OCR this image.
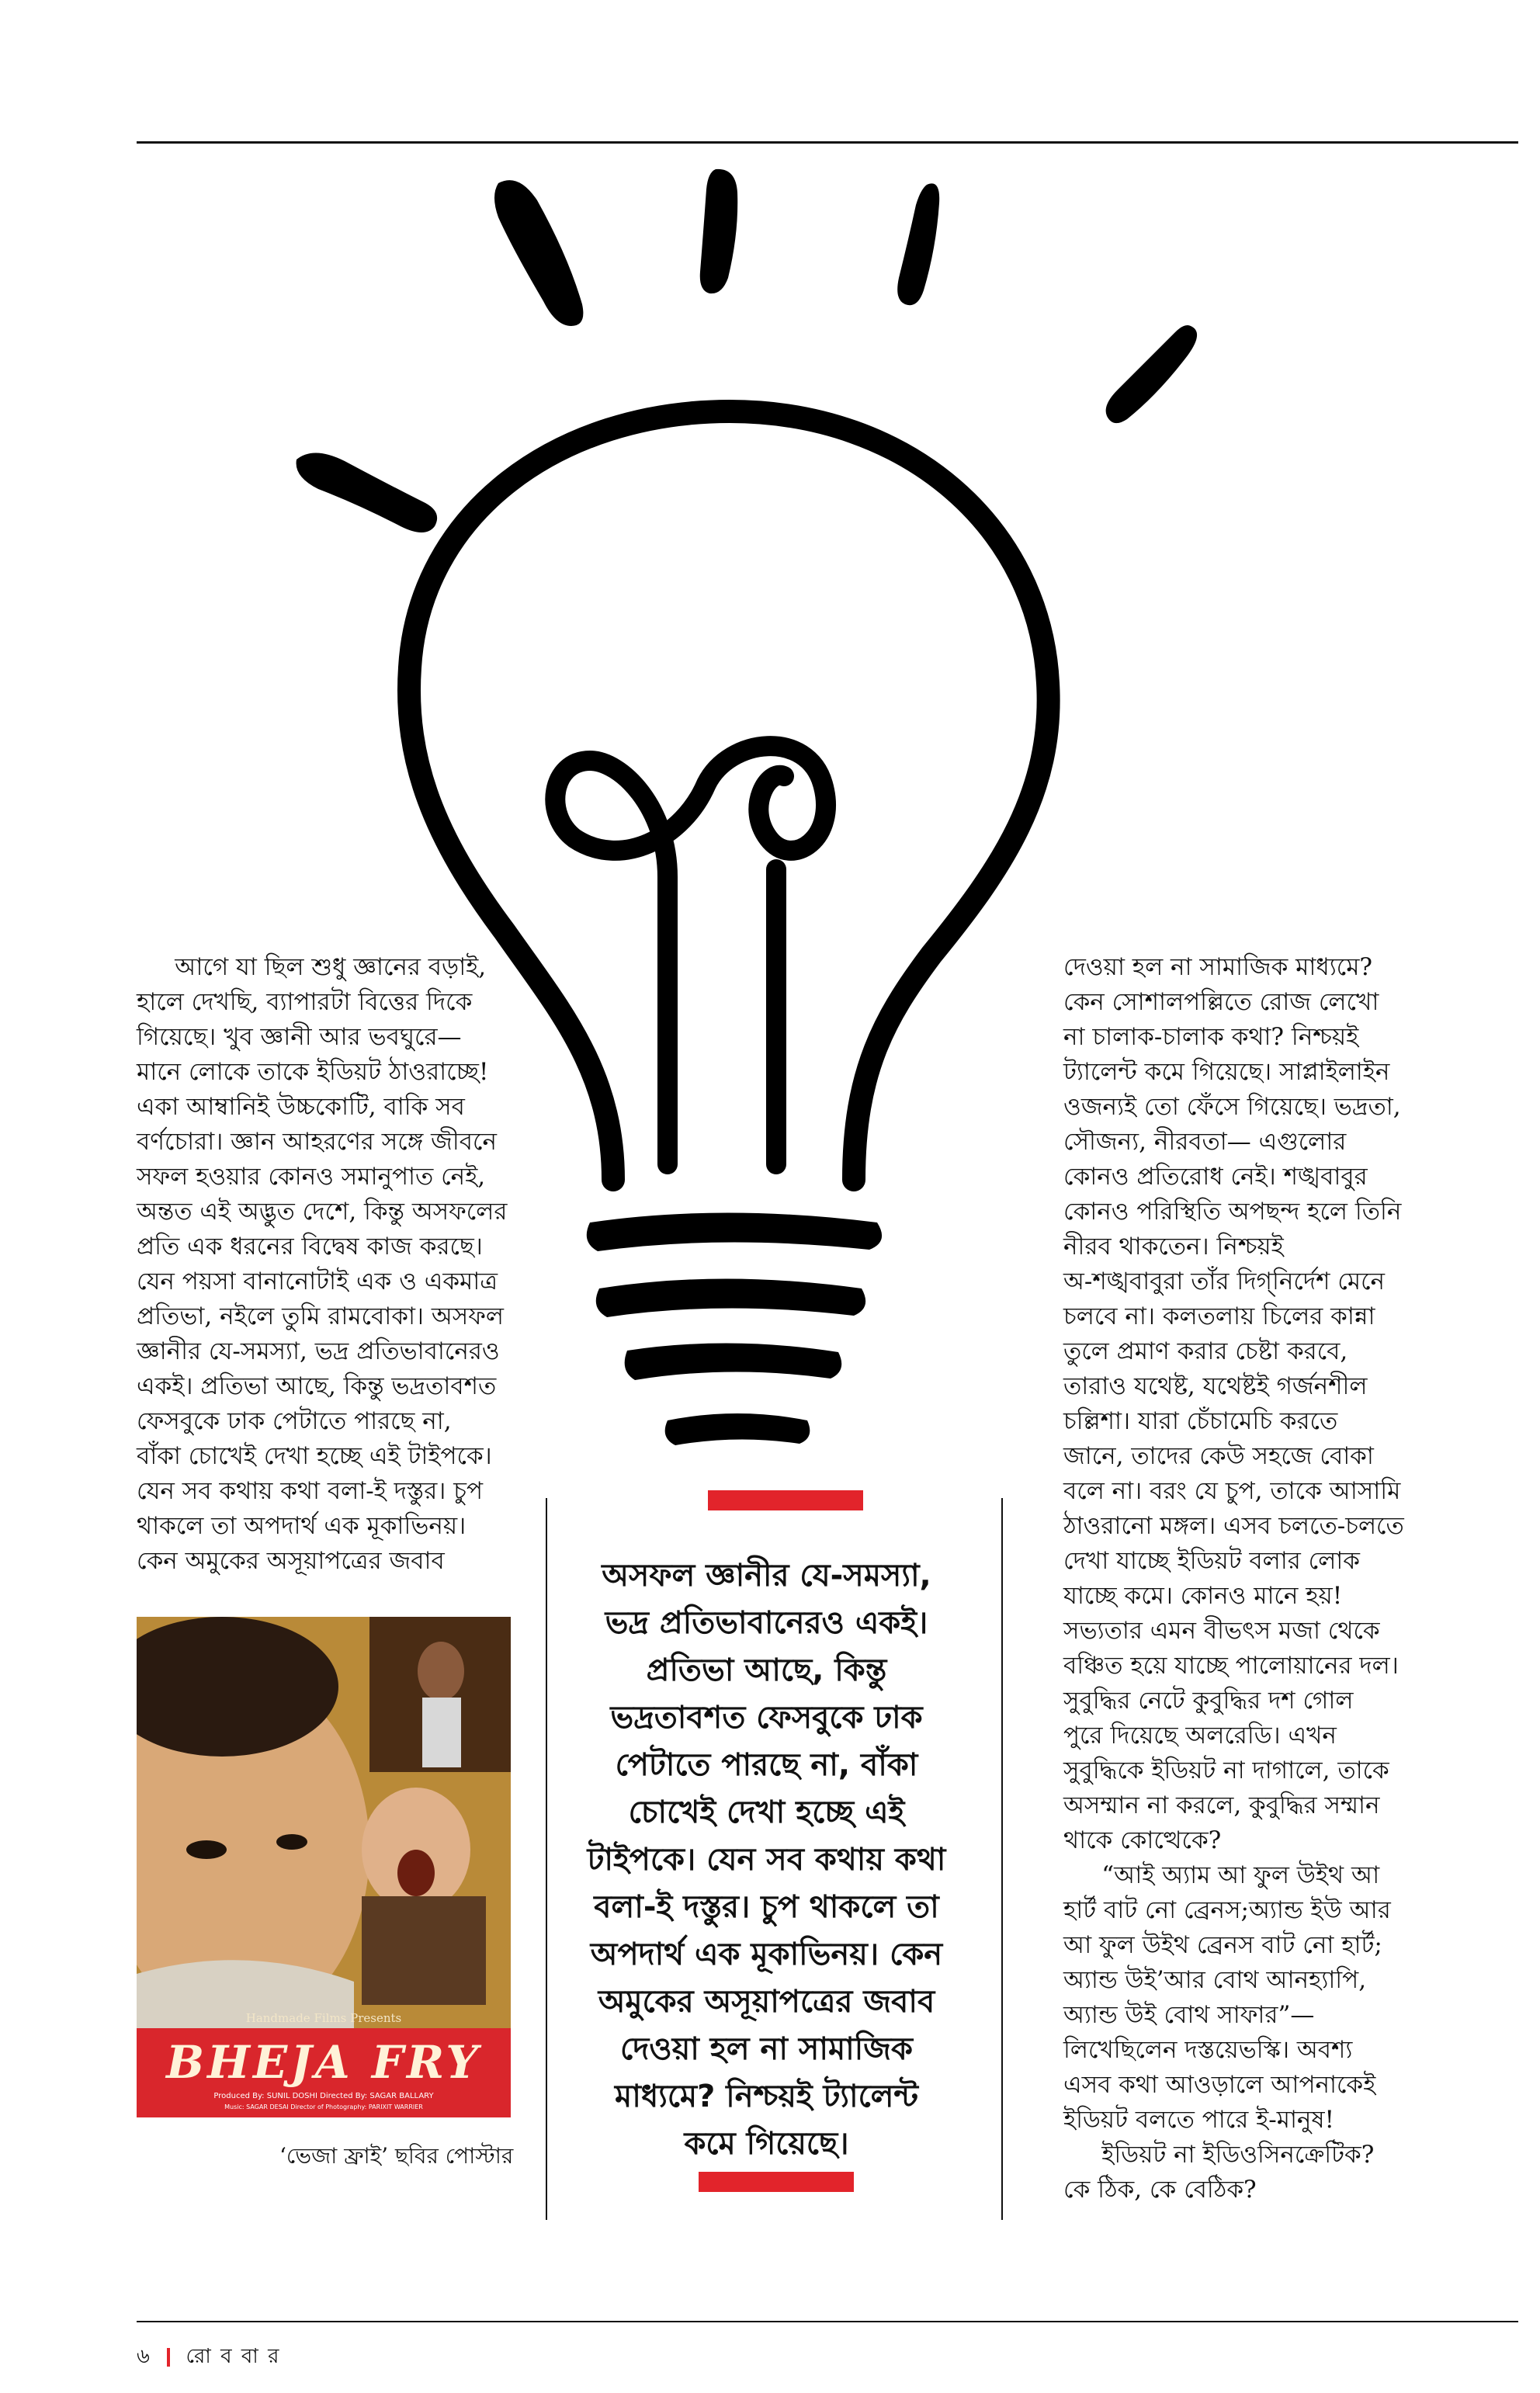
আগে যা ছিল শুধু জ্ঞানের বড়াই,

হালে দেখছি, ব্যাপারটা বিত্তের দিকে

গিয়েছে। খুব জ্ঞানী আর ভবঘুরে—

মানে লোকে তাকে ইডিয়ট ঠাওরাচ্ছে!

একা আম্বানিই উচ্চকোটি, বাকি সব

বর্ণচোরা। জ্ঞান আহরণের সঙ্গে জীবনে

সফল হওয়ার কোনও সমানুপাত নেই,

অন্তত এই অদ্ভুত দেশে, কিন্তু অসফলের

প্রতি এক ধরনের বিদ্বেষ কাজ করছে।

যেন পয়সা বানানোটাই এক ও একমাত্র

প্রতিভা, নইলে তুমি রামবোকা। অসফল

জ্ঞানীর যে-সমস্যা, ভদ্র প্রতিভাবানেরও

একই। প্রতিভা আছে, কিন্তু ভদ্রতাবশত

ফেসবুকে ঢাক পেটাতে পারছে না,

বাঁকা চোখেই দেখা হচ্ছে এই টাইপকে।

যেন সব কথায় কথা বলা-ই দস্তুর। চুপ

থাকলে তা অপদার্থ এক মূকাভিনয়।

কেন অমুকের অসূয়াপত্রের জবাব	অসফল জ্ঞানীর যে-সমস্যা,

ভদ্র প্রতিভাবানেরও একই।

প্রতিভা আছে, কিন্তু

ভদ্রতাবশত ফেসবুকে ঢাক

পেটাতে পারছে না, বাঁকা

চোখেই দেখা হচ্ছে এই

টাইপকে। যেন সব কথায় কথা

বলা-ই দস্তুর। চুপ থাকলে তা

অপদার্থ এক মূকাভিনয়। কেন

অমুকের অসূয়াপত্রের জবাব

দেওয়া হল না সামাজিক

মাধ্যমে? নিশ্চয়ই ট্যালেন্ট

কমে গিয়েছে।

দেওয়া হল না সামাজিক মাধ্যমে?

কেন সোশালপল্লিতে রোজ লেখো

না চালাক-চালাক কথা? নিশ্চয়ই

ট্যালেন্ট কমে গিয়েছে। সাপ্লাইলাইন

ওজন্যই তো ফেঁসে গিয়েছে। ভদ্রতা,

সৌজন্য, নীরবতা— এগুলোর

কোনও প্রতিরোধ নেই। শঙ্খবাবুর

কোনও পরিস্থিতি অপছন্দ হলে তিনি

নীরব থাকতেন। নিশ্চয়ই

অ-শঙ্খবাবুরা তাঁর দিগ্‌নির্দেশ মেনে

চলবে না। কলতলায় চিলের কান্না

তুলে প্রমাণ করার চেষ্টা করবে,

তারাও যথেষ্ট, যথেষ্টই গর্জনশীল

চল্লিশা। যারা চেঁচামেচি করতে

জানে, তাদের কেউ সহজে বোকা

বলে না। বরং যে চুপ, তাকে আসামি

ঠাওরানো মঙ্গল। এসব চলতে-চলতে

দেখা যাচ্ছে ইডিয়ট বলার লোক

যাচ্ছে কমে। কোনও মানে হয়!

সভ্যতার এমন বীভৎস মজা থেকে

বঞ্চিত হয়ে যাচ্ছে পালোয়ানের দল।

সুবুদ্ধির নেটে কুবুদ্ধির দশ গোল

পুরে দিয়েছে অলরেডি। এখন

সুবুদ্ধিকে ইডিয়ট না দাগালে, তাকে

অসম্মান না করলে, কুবুদ্ধির সম্মান

থাকে কোত্থেকে?

“আই অ্যাম আ ফুল উইথ আ

হার্ট বাট নো ব্রেনস;অ্যান্ড ইউ আর

আ ফুল উইথ ব্রেনস বাট নো হার্ট;

অ্যান্ড উই’আর বোথ আনহ্যাপি,

অ্যান্ড উই বোথ সাফার”—

লিখেছিলেন দস্তয়েভস্কি। অবশ্য

এসব কথা আওড়ালে আপনাকেই

ইডিয়ট বলতে পারে ই-মানুষ!

ইডিয়ট না ইডিওসিনক্রেটিক?

কে ঠিক, কে বেঠিক?

Handmade Films Presents
BHEJA FRY
Produced By: SUNIL DOSHI Directed By: SAGAR BALLARY
Music: SAGAR DESAI Director of Photography: PARIXIT WARRIER
‘ভেজা ফ্রাই’ ছবির পোস্টার
৬ রো ব বা র
